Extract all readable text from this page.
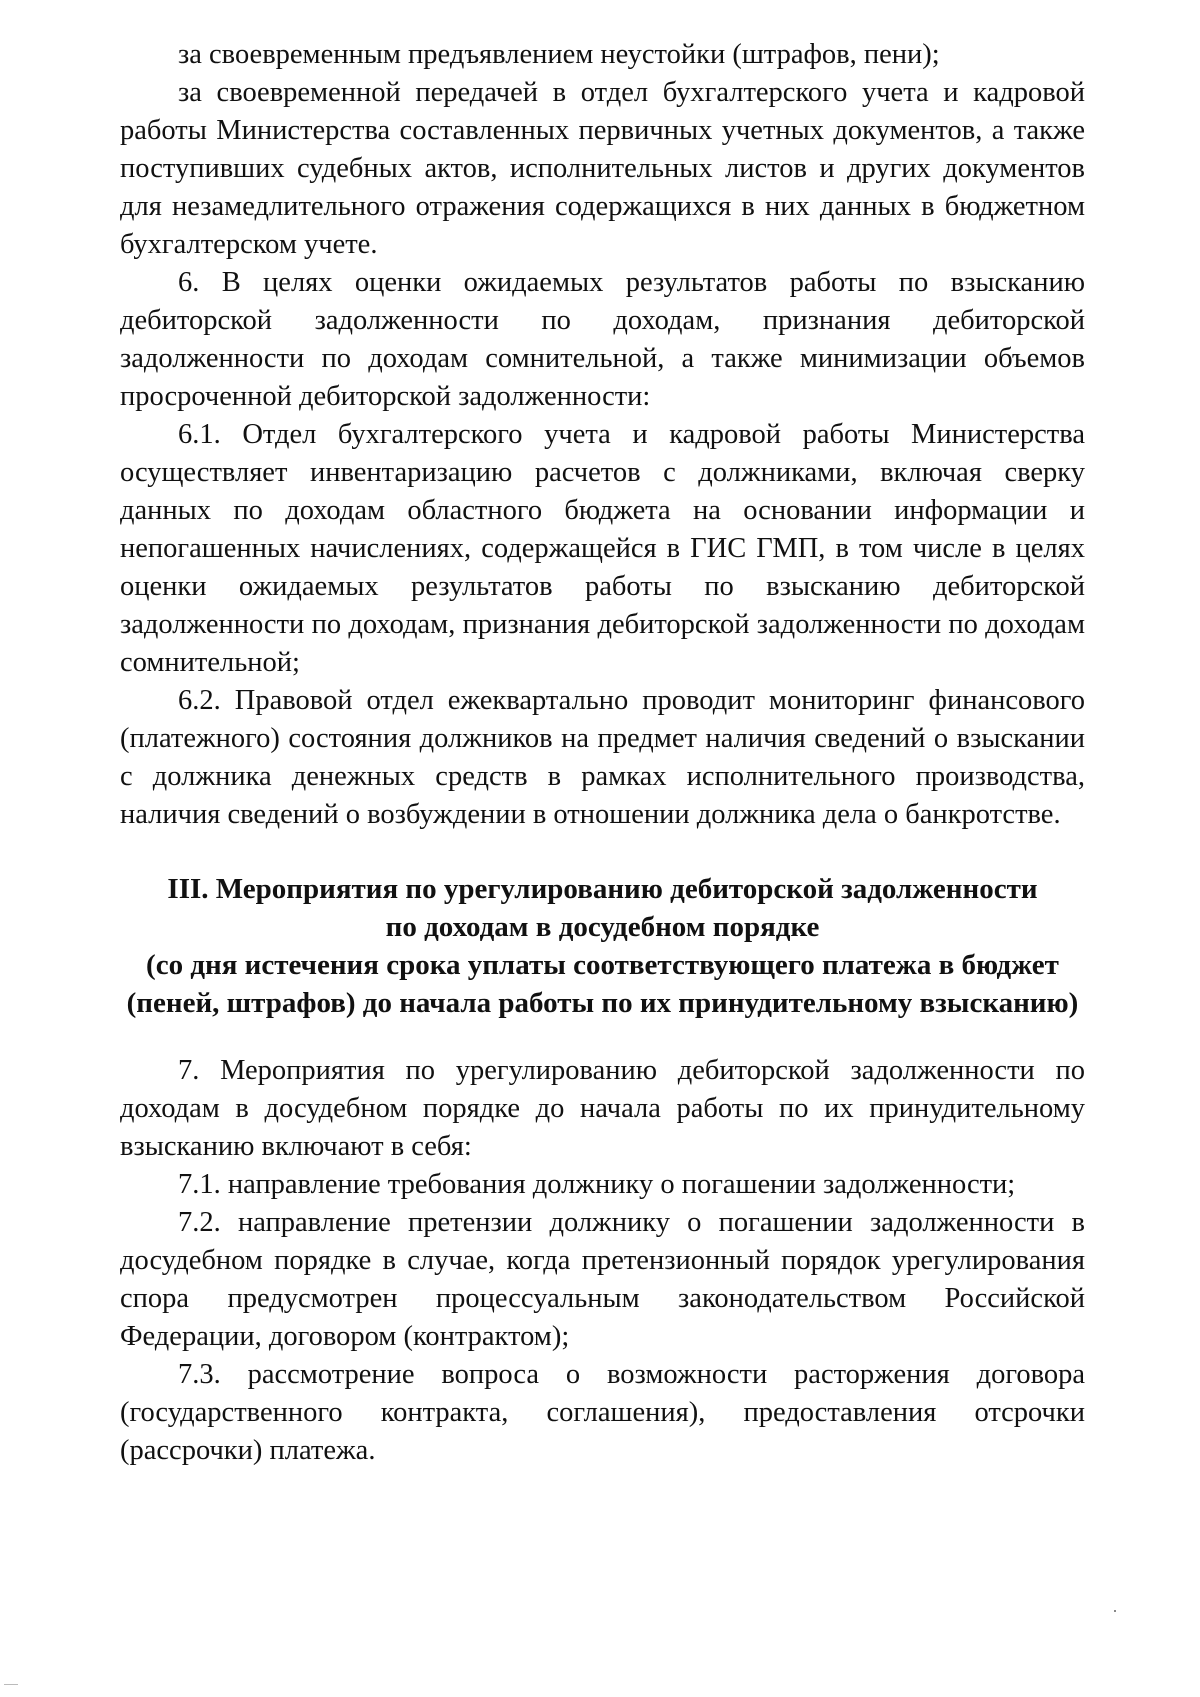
за своевременным предъявлением неустойки (штрафов, пени);

за своевременной передачей в отдел бухгалтерского учета и кадровой работы Министерства составленных первичных учетных документов, а также поступивших судебных актов, исполнительных листов и других документов для незамедлительного отражения содержащихся в них данных в бюджетном бухгалтерском учете.

6. В целях оценки ожидаемых результатов работы по взысканию дебиторской задолженности по доходам, признания дебиторской задолженности по доходам сомнительной, а также минимизации объемов просроченной дебиторской задолженности:

6.1. Отдел бухгалтерского учета и кадровой работы Министерства осуществляет инвентаризацию расчетов с должниками, включая сверку данных по доходам областного бюджета на основании информации и непогашенных начислениях, содержащейся в ГИС ГМП, в том числе в целях оценки ожидаемых результатов работы по взысканию дебиторской задолженности по доходам, признания дебиторской задолженности по доходам сомнительной;

6.2. Правовой отдел ежеквартально проводит мониторинг финансового (платежного) состояния должников на предмет наличия сведений о взыскании с должника денежных средств в рамках исполнительного производства, наличия сведений о возбуждении в отношении должника дела о банкротстве.

III. Мероприятия по урегулированию дебиторской задолженности
по доходам в досудебном порядке
(со дня истечения срока уплаты соответствующего платежа в бюджет
(пеней, штрафов) до начала работы по их принудительному взысканию)

7. Мероприятия по урегулированию дебиторской задолженности по доходам в досудебном порядке до начала работы по их принудительному взысканию включают в себя:

7.1. направление требования должнику о погашении задолженности;

7.2. направление претензии должнику о погашении задолженности в досудебном порядке в случае, когда претензионный порядок урегулирования спора предусмотрен процессуальным законодательством Российской Федерации, договором (контрактом);

7.3. рассмотрение вопроса о возможности расторжения договора (государственного контракта, соглашения), предоставления отсрочки (рассрочки) платежа.
